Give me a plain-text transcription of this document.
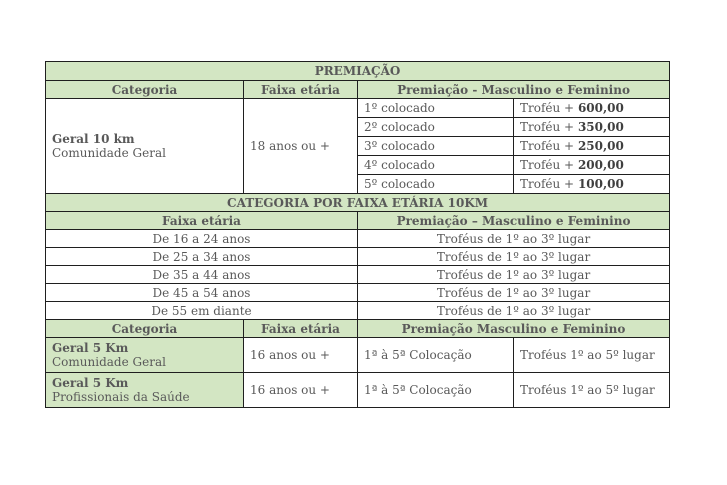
PREMIAÇÃO			
Categoria	Faixa etária	Premiação - Masculino e Feminino	

Geral 10 km
Comunidade Geral	18 anos ou +	1º colocado	Troféu + 600,00
		2º colocado	Troféu + 350,00
		3º colocado	Troféu + 250,00
		4º colocado	Troféu + 200,00
		5º colocado	Troféu + 100,00
CATEGORIA POR FAIXA ETÁRIA 10KM			
Faixa etária		Premiação – Masculino e Feminino	
De 16 a 24 anos		Troféus de 1º ao 3º lugar	
De 25 a 34 anos		Troféus de 1º ao 3º lugar	
De 35 a 44 anos		Troféus de 1º ao 3º lugar	
De 45 a 54 anos		Troféus de 1º ao 3º lugar	
De 55 em diante		Troféus de 1º ao 3º lugar	
Categoria	Faixa etária	Premiação Masculino e Feminino	

Geral 5 Km
Comunidade Geral	16 anos ou +	1ª à 5ª Colocação	Troféus 1º ao 5º lugar

Geral 5 Km
Profissionais da Saúde	16 anos ou +	1ª à 5ª Colocação	Troféus 1º ao 5º lugar
